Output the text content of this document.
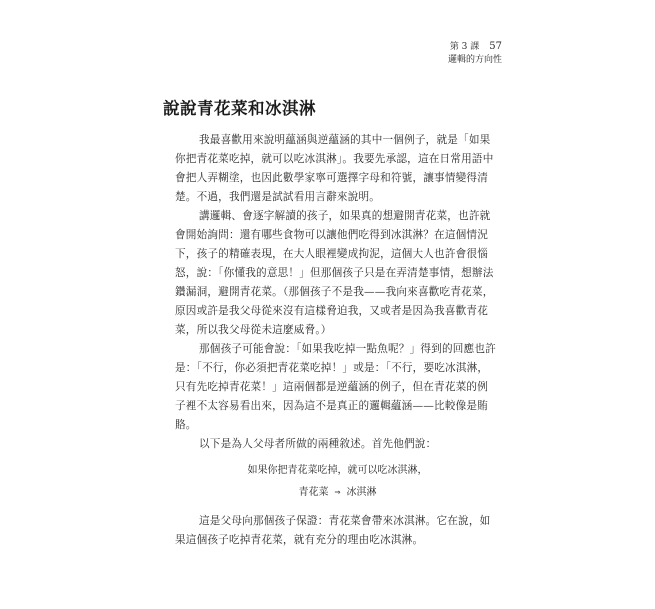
第 3 課 57
邏輯的方向性
說說青花菜和冰淇淋

我最喜歡用來說明蘊涵與逆蘊涵的其中一個例子，就是「如果
你把青花菜吃掉，就可以吃冰淇淋」。我要先承認，這在日常用語中
會把人弄糊塗，也因此數學家寧可選擇字母和符號，讓事情變得清
楚。不過，我們還是試試看用言辭來說明。

講邏輯、會逐字解讀的孩子，如果真的想避開青花菜，也許就
會開始詢問：還有哪些食物可以讓他們吃得到冰淇淋？在這個情況
下，孩子的精確表現，在大人眼裡變成拘泥，這個大人也許會很惱
怒，說：「你懂我的意思！」但那個孩子只是在弄清楚事情，想辦法
鑽漏洞，避開青花菜。（那個孩子不是我——我向來喜歡吃青花菜，
原因或許是我父母從來沒有這樣脅迫我，又或者是因為我喜歡青花
菜，所以我父母從未這麼威脅。）

那個孩子可能會說：「如果我吃掉一點魚呢？」得到的回應也許
是：「不行，你必須把青花菜吃掉！」或是：「不行，要吃冰淇淋，
只有先吃掉青花菜！」這兩個都是逆蘊涵的例子，但在青花菜的例
子裡不太容易看出來，因為這不是真正的邏輯蘊涵——比較像是賄
賂。

以下是為人父母者所做的兩種敘述。首先他們說：

如果你把青花菜吃掉，就可以吃冰淇淋，
青花菜 ⇒ 冰淇淋
這是父母向那個孩子保證：青花菜會帶來冰淇淋。它在說，如
果這個孩子吃掉青花菜，就有充分的理由吃冰淇淋。
